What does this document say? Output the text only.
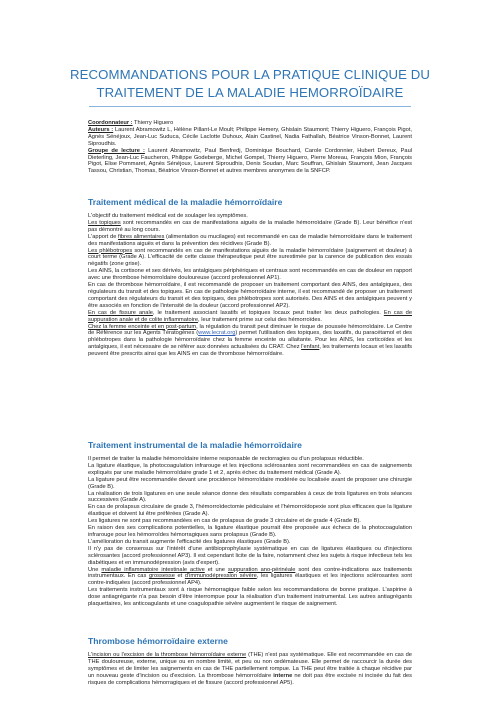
RECOMMANDATIONS POUR LA PRATIQUE CLINIQUE DU
TRAITEMENT DE LA MALADIE HEMORROÏDAIRE

Coordonnateur : Thierry Higuero

Auteurs : Laurent Abramowitz L, Hélène Pillant-Le Moult; Philippe Hemery, Ghislain Staumont; Thierry Higuero, François Pigot, Agnès Sénéjoux, Jean-Luc Suduca, Cécile Laclotte Duhoux, Alain Castinel, Nadia Fathallah, Béatrice Vinson-Bonnet, Laurent Siproudhis.

Groupe de lecture : Laurent Abramowitz, Paul Benfredj, Dominique Bouchard, Carole Cordonnier, Hubert Dereux, Paul Dieterling, Jean-Luc Faucheron, Philippe Godeberge, Michel Gompel, Thierry Higuero, Pierre Moreau, François Mion, François Pigot, Elise Pommaret, Agnès Sénéjoux, Laurent Siproudhis, Denis Soudan, Marc Souffran, Ghislain Staumont, Jean Jacques Tassou, Christian, Thomas, Béatrice Vinson-Bonnet et autres membres anonymes de la SNFCP.

Traitement médical de la maladie hémorroïdaire

L'objectif du traitement médical est de soulager les symptômes.

Les topiques sont recommandés en cas de manifestations aiguës de la maladie hémorroïdaire (Grade B). Leur bénéfice n'est pas démontré au long cours.

L'apport de fibres alimentaires (alimentation ou mucilages) est recommandé en cas de maladie hémorroïdaire dans le traitement des manifestations aiguës et dans la prévention des récidives (Grade B).

Les phlébotropes sont recommandés en cas de manifestations aiguës de la maladie hémorroïdaire (saignement et douleur) à court terme (Grade A). L'efficacité de cette classe thérapeutique peut être surestimée par la carence de publication des essais négatifs (zone grise).

Les AINS, la cortisone et ses dérivés, les antalgiques périphériques et centraux sont recommandés en cas de douleur en rapport avec une thrombose hémorroïdaire douloureuse (accord professionnel AP1).

En cas de thrombose hémorroïdaire, il est recommandé de proposer un traitement comportant des AINS, des antalgiques, des régulateurs du transit et des topiques. En cas de pathologie hémorroïdaire interne, il est recommandé de proposer un traitement comportant des régulateurs du transit et des topiques, des phlébotropes sont autorisés. Des AINS et des antalgiques peuvent y être associés en fonction de l'intensité de la douleur (accord professionnel AP2).

En cas de fissure anale, le traitement associant laxatifs et topiques locaux peut traiter les deux pathologies. En cas de suppuration anale et de colite inflammatoire, leur traitement prime sur celui des hémorroïdes.

Chez la femme enceinte et en post-partum, la régulation du transit peut diminuer le risque de poussée hémorroïdaire. Le Centre de Référence sur les Agents Tératogènes (www.lecrat.org) permet l'utilisation des topiques, des laxatifs, du paracétamol et des phlébotropes dans la pathologie hémorroïdaire chez la femme enceinte ou allaitante. Pour les AINS, les corticoïdes et les antalgiques, il est nécessaire de se référer aux données actualisées du CRAT. Chez l'enfant, les traitements locaux et les laxatifs peuvent être prescrits ainsi que les AINS en cas de thrombose hémorroïdaire.

Traitement instrumental de la maladie hémorroïdaire

Il permet de traiter la maladie hémorroïdaire interne responsable de rectorragies ou d'un prolapsus réductible.

La ligature élastique, la photocoagulation infrarouge et les injections sclérosantes sont recommandées en cas de saignements expliqués par une maladie hémorroïdaire grade 1 et 2, après échec du traitement médical (Grade A).

La ligature peut être recommandée devant une procidence hémorroïdaire modérée ou localisée avant de proposer une chirurgie (Grade B).

La réalisation de trois ligatures en une seule séance donne des résultats comparables à ceux de trois ligatures en trois séances successives (Grade A).

En cas de prolapsus circulaire de grade 3, l'hémorroïdectomie pédiculaire et l'hémorroïdopexie sont plus efficaces que la ligature élastique et doivent lui être préférées (Grade A).

Les ligatures ne sont pas recommandées en cas de prolapsus de grade 3 circulaire et de grade 4 (Grade B).

En raison des ses complications potentielles, la ligature élastique pourrait être proposée aux échecs de la photocoagulation infrarouge pour les hémorroïdes hémorragiques sans prolapsus (Grade B).

L'amélioration du transit augmente l'efficacité des ligatures élastiques (Grade B).

Il n'y pas de consensus sur l'intérêt d'une antibioprophylaxie systématique en cas de ligatures élastiques ou d'injections sclérosantes (accord professionnel AP3). Il est cependant licite de la faire, notamment chez les sujets à risque infectieux tels les diabétiques et en immunodépression (avis d'expert).

Une maladie inflammatoire intestinale active et une suppuration ano-périnéale sont des contre-indications aux traitements instrumentaux. En cas grossesse et d'immunodépression sévère, les ligatures élastiques et les injections sclérosantes sont contre-indiquées (accord professionnel AP4).

Les traitements instrumentaux sont à risque hémorragique faible selon les recommandations de bonne pratique. L'aspirine à dose antiagrégante n'a pas besoin d'être interrompue pour la réalisation d'un traitement instrumental. Les autres antiagrégants plaquettaires, les anticoagulants et une coagulopathie sévère augmentent le risque de saignement.

Thrombose hémorroïdaire externe

L'incision ou l'excision de la thrombose hémorroïdaire externe (THE) n'est pas systématique. Elle est recommandée en cas de THE douloureuse, externe, unique ou en nombre limité, et peu ou non œdémateuse. Elle permet de raccourcir la durée des symptômes et de limiter les saignements en cas de THE partiellement rompue. La THE peut être traitée à chaque récidive par un nouveau geste d'incision ou d'excision. La thrombose hémorroïdaire interne ne doit pas être excisée ni incisée du fait des risques de complications hémorragiques et de fissure (accord professionnel AP5).
